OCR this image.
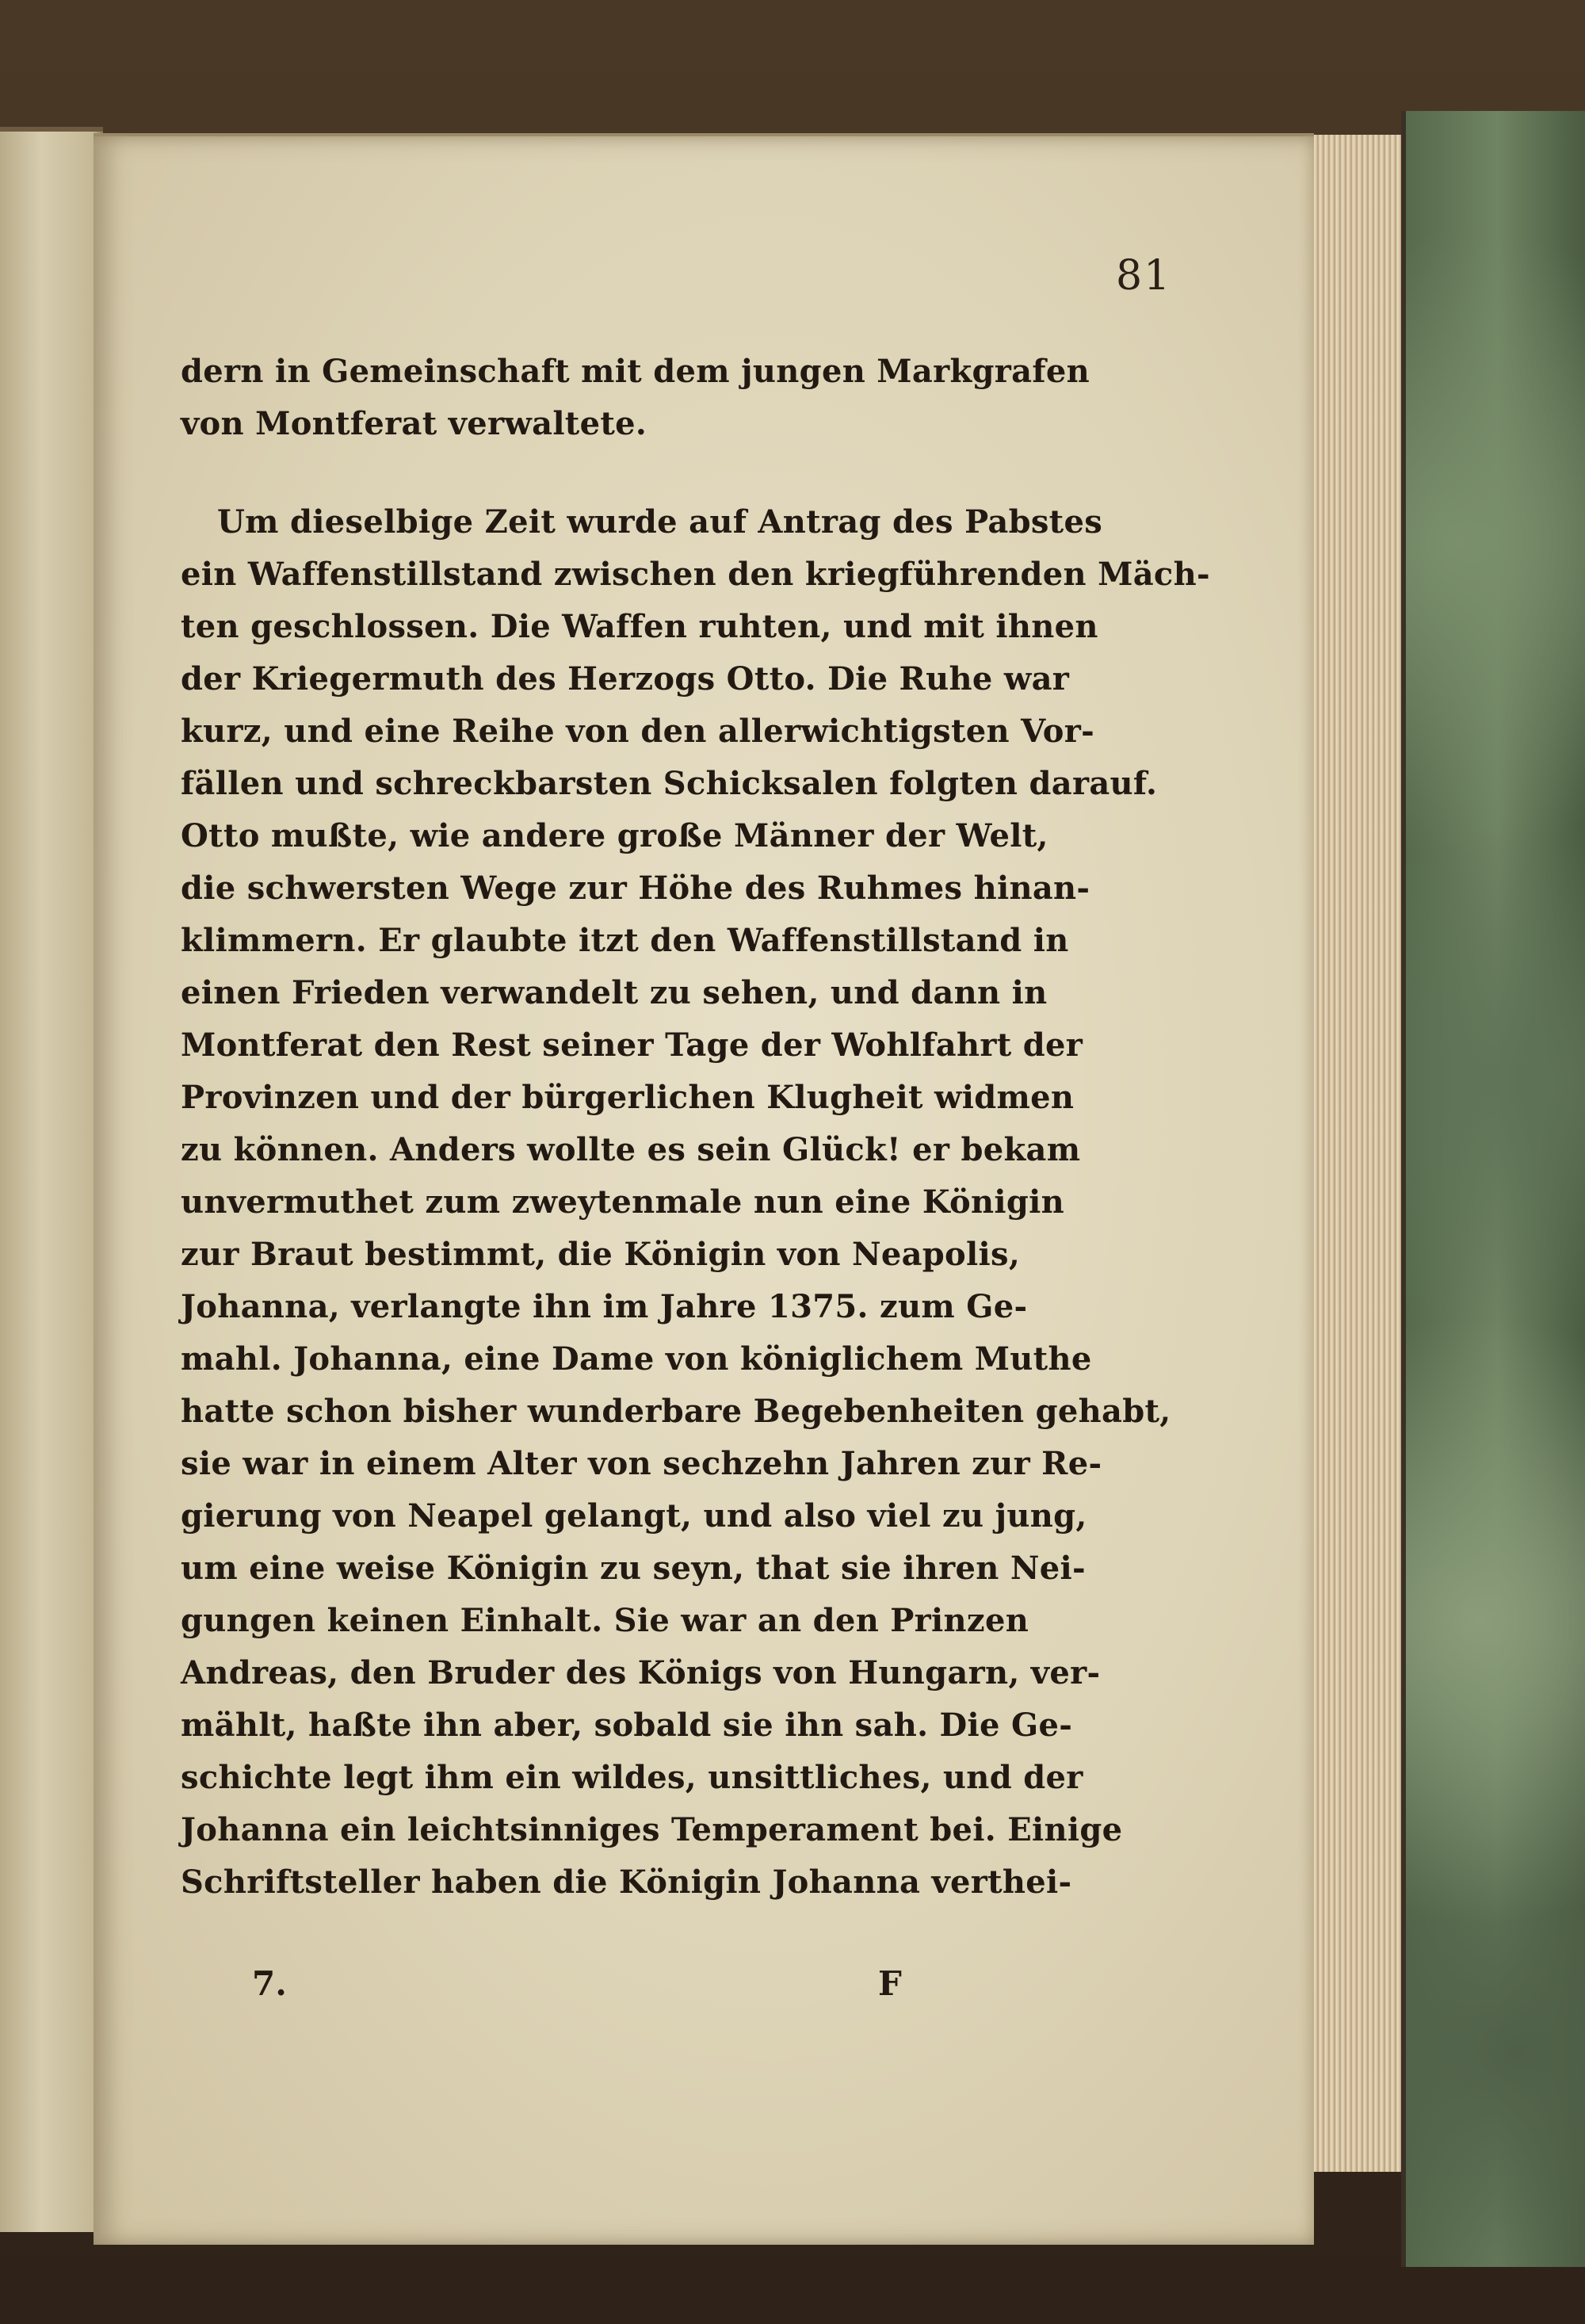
81
dern in Gemeinschaft mit dem jungen Markgrafen
von Montferat verwaltete.
Um dieselbige Zeit wurde auf Antrag des Pabstes
ein Waffenstillstand zwischen den kriegführenden Mäch-
ten geschlossen. Die Waffen ruhten, und mit ihnen
der Kriegermuth des Herzogs Otto. Die Ruhe war
kurz, und eine Reihe von den allerwichtigsten Vor-
fällen und schreckbarsten Schicksalen folgten darauf.
Otto mußte, wie andere große Männer der Welt,
die schwersten Wege zur Höhe des Ruhmes hinan-
klimmern. Er glaubte itzt den Waffenstillstand in
einen Frieden verwandelt zu sehen, und dann in
Montferat den Rest seiner Tage der Wohlfahrt der
Provinzen und der bürgerlichen Klugheit widmen
zu können. Anders wollte es sein Glück! er bekam
unvermuthet zum zweytenmale nun eine Königin
zur Braut bestimmt, die Königin von Neapolis,
Johanna, verlangte ihn im Jahre 1375. zum Ge-
mahl. Johanna, eine Dame von königlichem Muthe
hatte schon bisher wunderbare Begebenheiten gehabt,
sie war in einem Alter von sechzehn Jahren zur Re-
gierung von Neapel gelangt, und also viel zu jung,
um eine weise Königin zu seyn, that sie ihren Nei-
gungen keinen Einhalt. Sie war an den Prinzen
Andreas, den Bruder des Königs von Hungarn, ver-
mählt, haßte ihn aber, sobald sie ihn sah. Die Ge-
schichte legt ihm ein wildes, unsittliches, und der
Johanna ein leichtsinniges Temperament bei. Einige
Schriftsteller haben die Königin Johanna verthei-
7.	F
